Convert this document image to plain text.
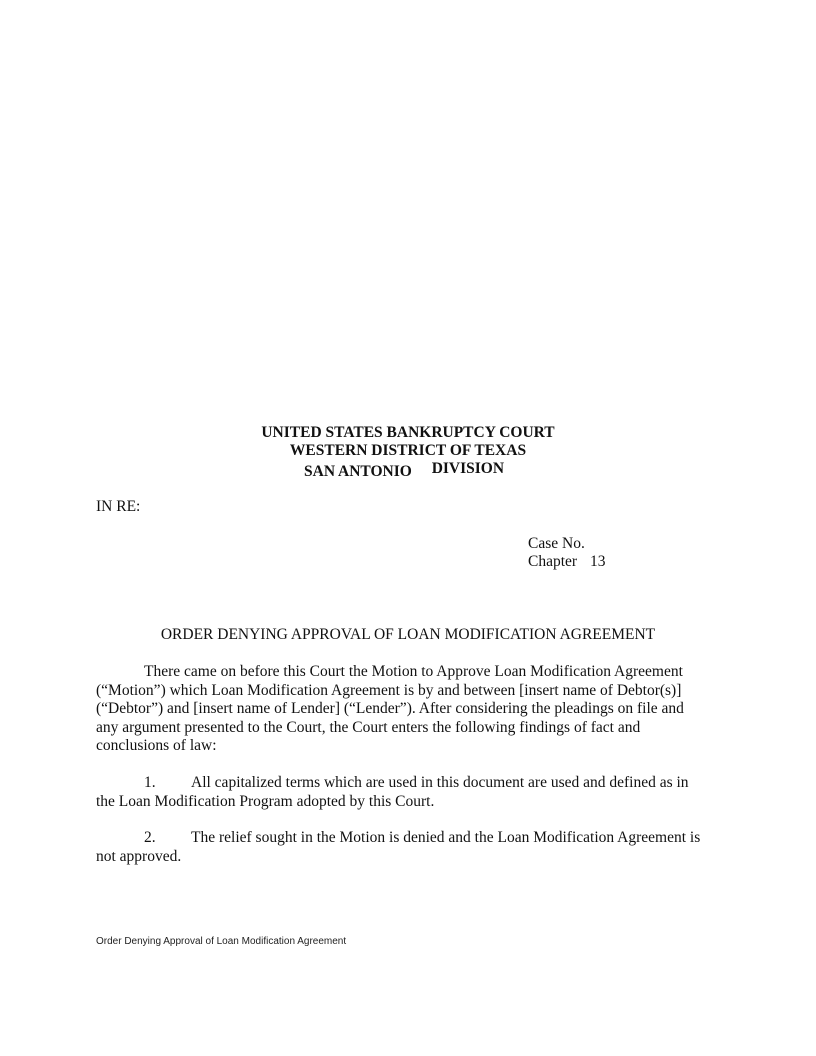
UNITED STATES BANKRUPTCY COURT
WESTERN DISTRICT OF TEXAS
SAN ANTONIO DIVISION
IN RE:
Case No.
Chapter 13
ORDER DENYING APPROVAL OF LOAN MODIFICATION AGREEMENT

There came on before this Court the Motion to Approve Loan Modification Agreement

(“Motion”) which Loan Modification Agreement is by and between [insert name of Debtor(s)]

(“Debtor”) and [insert name of Lender] (“Lender”). After considering the pleadings on file and

any argument presented to the Court, the Court enters the following findings of fact and

conclusions of law:

1. All capitalized terms which are used in this document are used and defined as in

the Loan Modification Program adopted by this Court.

2. The relief sought in the Motion is denied and the Loan Modification Agreement is

not approved.

Order Denying Approval of Loan Modification Agreement
